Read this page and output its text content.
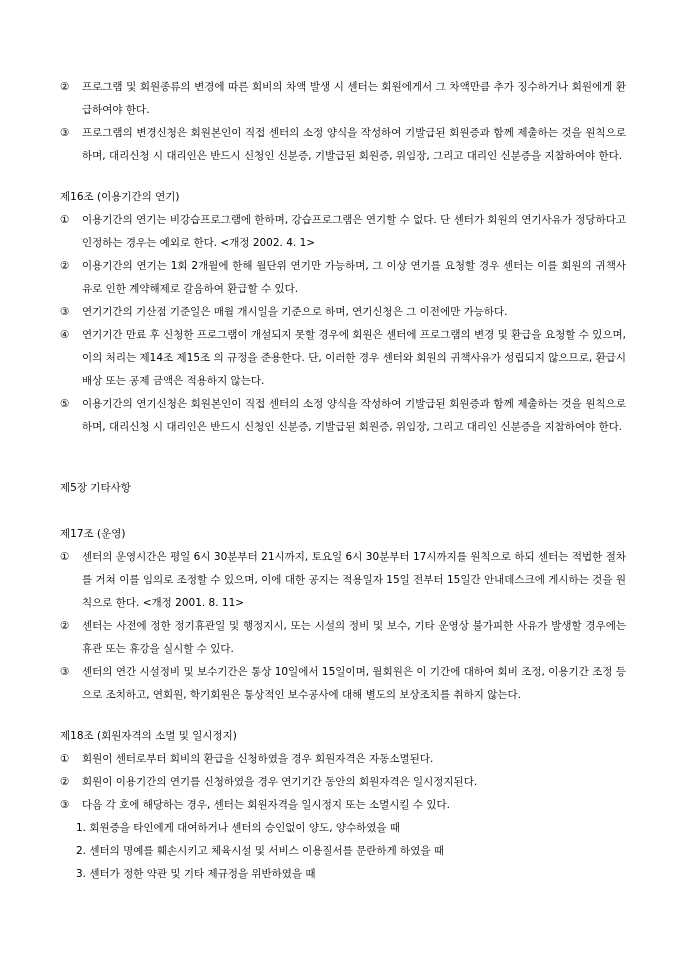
②	프로그램 및 회원종류의 변경에 따른 회비의 차액 발생 시 센터는 회원에게서 그 차액만큼 추가 징수하거나 회원에게 환급하여야 한다.
③	프로그램의 변경신청은 회원본인이 직접 센터의 소정 양식을 작성하여 기발급된 회원증과 함께 제출하는 것을 원칙으로 하며, 대리신청 시 대리인은 반드시 신청인 신분증, 기발급된 회원증, 위임장, 그리고 대리인 신분증을 지참하여야 한다.
제16조 (이용기간의 연기)
①	이용기간의 연기는 비강습프로그램에 한하며, 강습프로그램은 연기할 수 없다. 단 센터가 회원의 연기사유가 정당하다고 인정하는 경우는 예외로 한다. <개정 2002. 4. 1>
②	이용기간의 연기는 1회 2개월에 한해 월단위 연기만 가능하며, 그 이상 연기를 요청할 경우 센터는 이를 회원의 귀책사유로 인한 계약해제로 갈음하여 환급할 수 있다.
③	연기기간의 기산점 기준일은 매월 개시일을 기준으로 하며, 연기신청은 그 이전에만 가능하다.
④	연기기간 만료 후 신청한 프로그램이 개설되지 못할 경우에 회원은 센터에 프로그램의 변경 및 환급을 요청할 수 있으며, 이의 처리는 제14조 제15조 의 규정을 준용한다. 단, 이러한 경우 센터와 회원의 귀책사유가 성립되지 않으므로, 환급시 배상 또는 공제 금액은 적용하지 않는다.
⑤	이용기간의 연기신청은 회원본인이 직접 센터의 소정 양식을 작성하여 기발급된 회원증과 함께 제출하는 것을 원칙으로 하며, 대리신청 시 대리인은 반드시 신청인 신분증, 기발급된 회원증, 위임장, 그리고 대리인 신분증을 지참하여야 한다.
제5장 기타사항
제17조 (운영)
①	센터의 운영시간은 평일 6시 30분부터 21시까지, 토요일 6시 30분부터 17시까지를 원칙으로 하되 센터는 적법한 절차를 거쳐 이를 임의로 조정할 수 있으며, 이에 대한 공지는 적용일자 15일 전부터 15일간 안내데스크에 게시하는 것을 원칙으로 한다. <개정 2001. 8. 11>
②	센터는 사전에 정한 정기휴관일 및 행정지시, 또는 시설의 정비 및 보수, 기타 운영상 불가피한 사유가 발생할 경우에는 휴관 또는 휴강을 실시할 수 있다.
③	센터의 연간 시설정비 및 보수기간은 통상 10일에서 15일이며, 월회원은 이 기간에 대하여 회비 조정, 이용기간 조정 등으로 조치하고, 연회원, 학기회원은 통상적인 보수공사에 대해 별도의 보상조치를 취하지 않는다.
제18조 (회원자격의 소멸 및 일시정지)
①	회원이 센터로부터 회비의 환급을 신청하였을 경우 회원자격은 자동소멸된다.
②	회원이 이용기간의 연기를 신청하였을 경우 연기기간 동안의 회원자격은 일시정지된다.
③	다음 각 호에 해당하는 경우, 센터는 회원자격을 일시정지 또는 소멸시킬 수 있다.
1. 회원증을 타인에게 대여하거나 센터의 승인없이 양도, 양수하였을 때
2. 센터의 명예를 훼손시키고 체육시설 및 서비스 이용질서를 문란하게 하였을 때
3. 센터가 정한 약관 및 기타 제규정을 위반하였을 때
